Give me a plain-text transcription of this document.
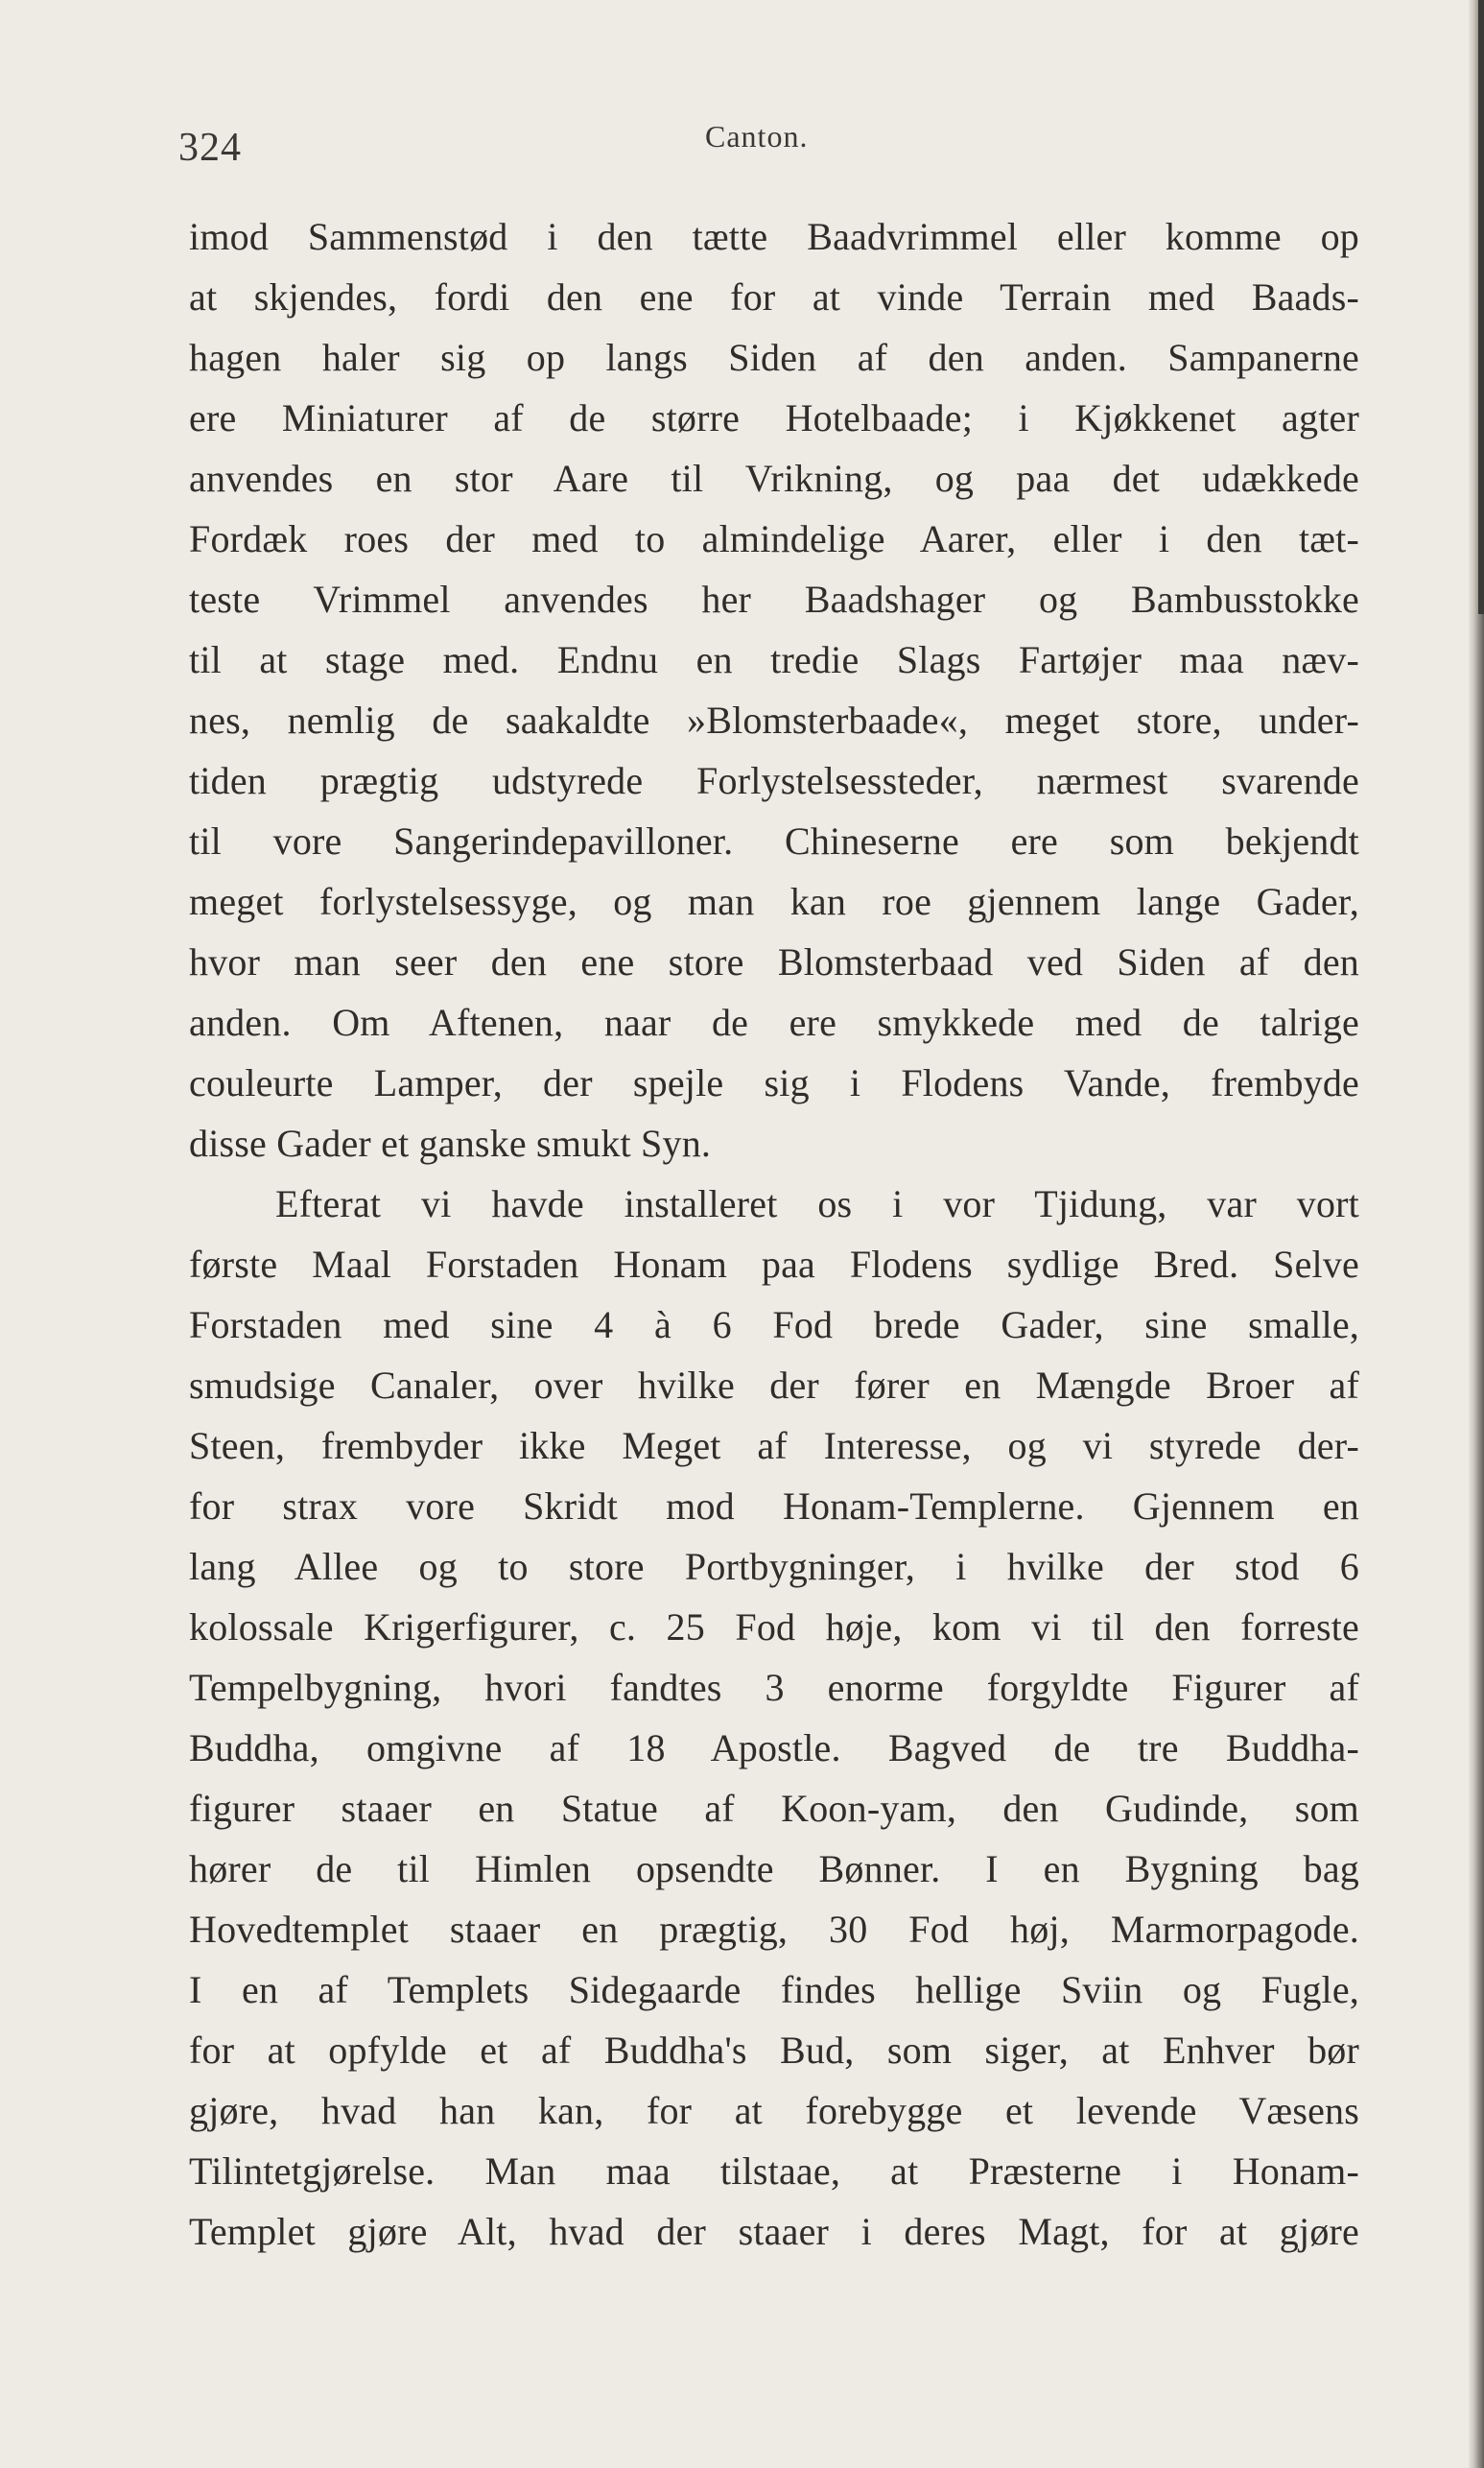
324	Canton.
imod Sammenstød i den tætte Baadvrimmel eller komme op
at skjendes, fordi den ene for at vinde Terrain med Baads-
hagen haler sig op langs Siden af den anden. Sampanerne
ere Miniaturer af de større Hotelbaade; i Kjøkkenet agter
anvendes en stor Aare til Vrikning, og paa det udækkede
Fordæk roes der med to almindelige Aarer, eller i den tæt-
teste Vrimmel anvendes her Baadshager og Bambusstokke
til at stage med. Endnu en tredie Slags Fartøjer maa næv-
nes, nemlig de saakaldte »Blomsterbaade«, meget store, under-
tiden prægtig udstyrede Forlystelsessteder, nærmest svarende
til vore Sangerindepavilloner. Chineserne ere som bekjendt
meget forlystelsessyge, og man kan roe gjennem lange Gader,
hvor man seer den ene store Blomsterbaad ved Siden af den
anden. Om Aftenen, naar de ere smykkede med de talrige
couleurte Lamper, der spejle sig i Flodens Vande, frembyde
disse Gader et ganske smukt Syn.
Efterat vi havde installeret os i vor Tjidung, var vort
første Maal Forstaden Honam paa Flodens sydlige Bred. Selve
Forstaden med sine 4 à 6 Fod brede Gader, sine smalle,
smudsige Canaler, over hvilke der fører en Mængde Broer af
Steen, frembyder ikke Meget af Interesse, og vi styrede der-
for strax vore Skridt mod Honam-Templerne. Gjennem en
lang Allee og to store Portbygninger, i hvilke der stod 6
kolossale Krigerfigurer, c. 25 Fod høje, kom vi til den forreste
Tempelbygning, hvori fandtes 3 enorme forgyldte Figurer af
Buddha, omgivne af 18 Apostle. Bagved de tre Buddha-
figurer staaer en Statue af Koon-yam, den Gudinde, som
hører de til Himlen opsendte Bønner. I en Bygning bag
Hovedtemplet staaer en prægtig, 30 Fod høj, Marmorpagode.
I en af Templets Sidegaarde findes hellige Sviin og Fugle,
for at opfylde et af Buddha's Bud, som siger, at Enhver bør
gjøre, hvad han kan, for at forebygge et levende Væsens
Tilintetgjørelse. Man maa tilstaae, at Præsterne i Honam-
Templet gjøre Alt, hvad der staaer i deres Magt, for at gjøre
